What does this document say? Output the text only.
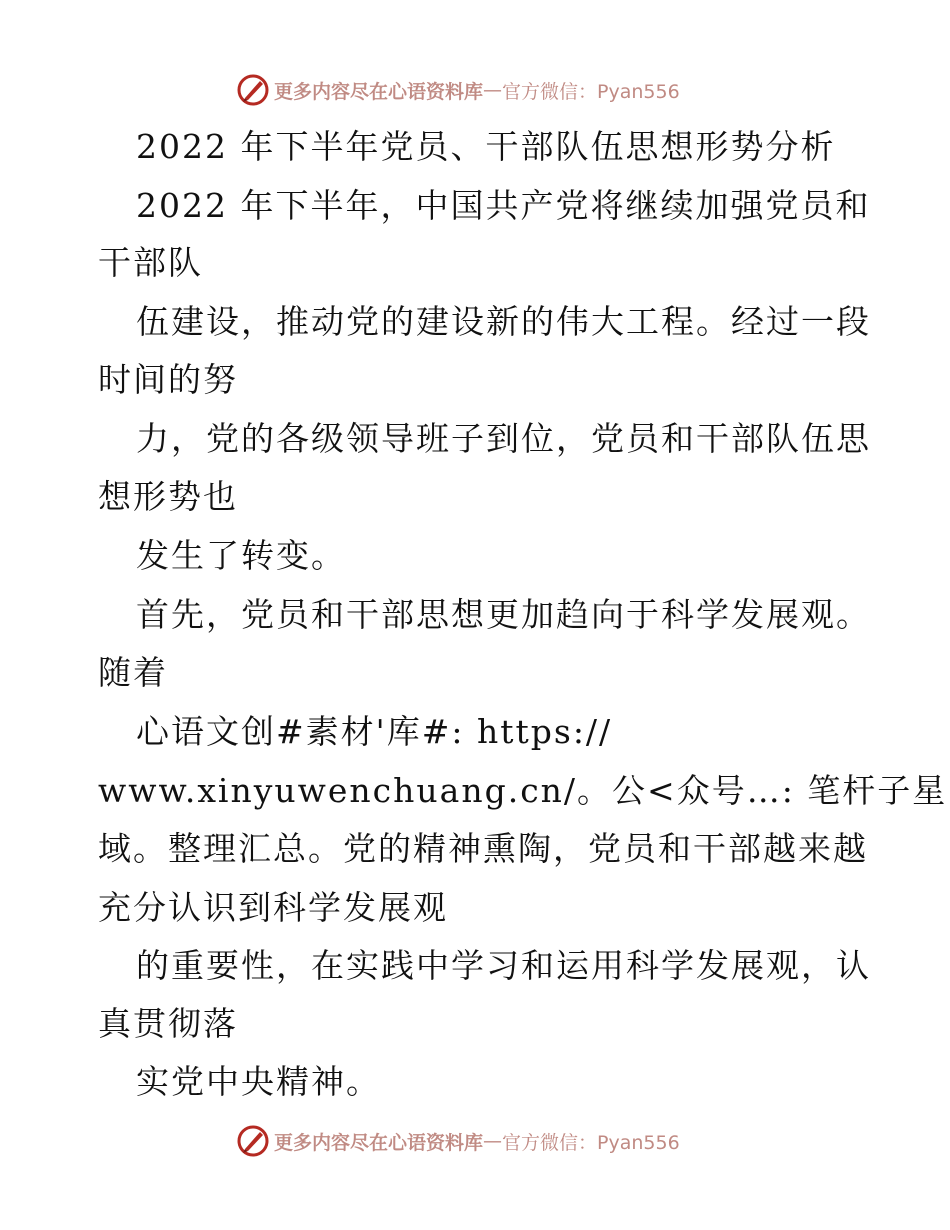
更多内容尽在心语资料库 — 官方微信：Pyan556
2022 年下半年党员、干部队伍思想形势分析
2022 年下半年，中国共产党将继续加强党员和
干部队
伍建设，推动党的建设新的伟大工程。经过一段
时间的努
力，党的各级领导班子到位，党员和干部队伍思
想形势也
发生了转变。
首先，党员和干部思想更加趋向于科学发展观。
随着
心语文创#素材'库#: https://
www.xinyuwenchuang.cn/。公<众号…: 笔杆子星
域。整理汇总。党的精神熏陶，党员和干部越来越
充分认识到科学发展观
的重要性，在实践中学习和运用科学发展观，认
真贯彻落
实党中央精神。
更多内容尽在心语资料库 — 官方微信：Pyan556
